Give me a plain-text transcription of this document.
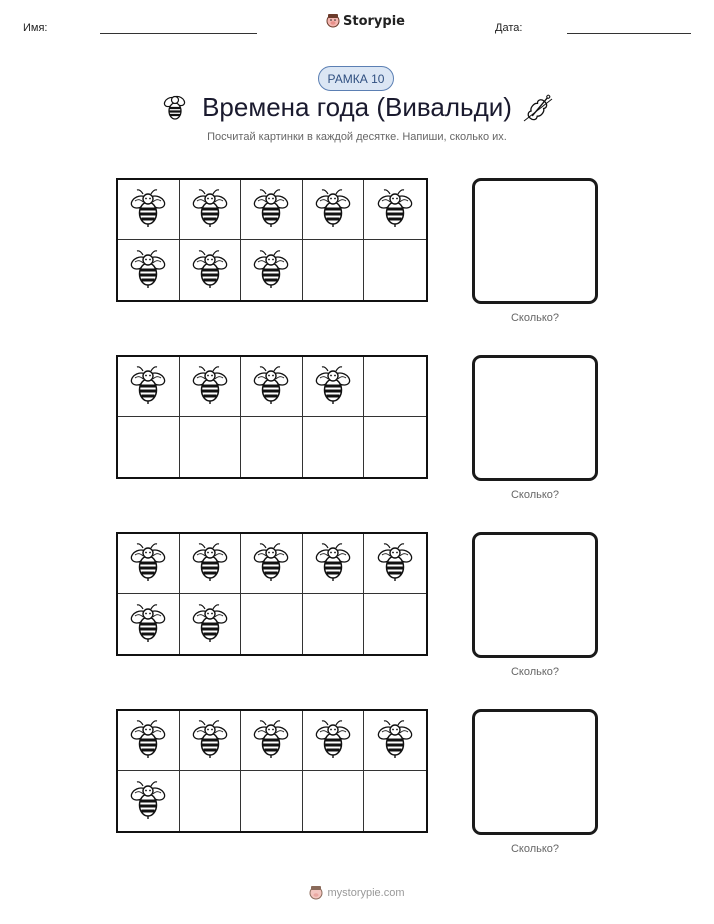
Имя:	Storypie	Дата:
РАМКА 10
Времена года (Вивальди)
Посчитай картинки в каждой десятке. Напиши, сколько их.
Сколько?
Сколько?
Сколько?
Сколько?
mystorypie.com
